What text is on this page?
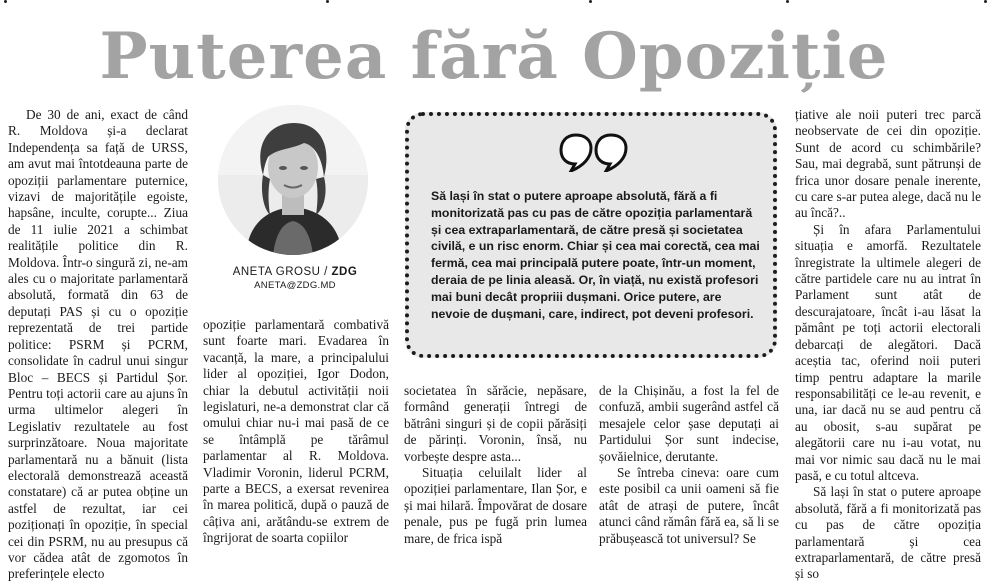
Puterea fără Opoziție

De 30 de ani, exact de când R. Moldova și-a declarat Independența sa față de URSS, am avut mai întotdeauna parte de opoziții parlamentare puternice, vizavi de majoritățile egoiste, hapsâne, inculte, corupte... Ziua de 11 iulie 2021 a schimbat realitățile politice din R. Moldova. Într-o singură zi, ne-am ales cu o majoritate parlamentară absolută, formată din 63 de deputați PAS și cu o opoziție reprezentată de trei partide politice: PSRM și PCRM, consolidate în cadrul unui singur Bloc – BECS și Partidul Șor. Pentru toți actorii care au ajuns în urma ultimelor alegeri în Legislativ rezultatele au fost surprinzătoare. Noua majoritate parlamentară nu a bănuit (lista electorală demonstrează această constatare) că ar putea obține un astfel de rezultat, iar cei poziționați în opoziție, în special cei din PSRM, nu au presupus că vor cădea atât de zgomotos în preferințele electo

ANETA GROSU / ZDG
ANETA@ZDG.MD

opoziție parlamentară combativă sunt foarte mari. Evadarea în vacanță, la mare, a principalului lider al opoziției, Igor Dodon, chiar la debutul activității noii legislaturi, ne-a demonstrat clar că omului chiar nu-i mai pasă de ce se întâmplă pe tărâmul parlamentar al R. Moldova. Vladimir Voronin, liderul PCRM, parte a BECS, a exersat revenirea în marea politică, după o pauză de câțiva ani, arătându-se extrem de îngrijorat de soarta copiilor

Să lași în stat o putere aproape absolută, fără a fi monitorizată pas cu pas de către opoziția parlamentară și cea extraparlamentară, de către presă și societatea civilă, e un risc enorm. Chiar și cea mai corectă, cea mai fermă, cea mai principală putere poate, într-un moment, deraia de pe linia aleasă. Or, în viață, nu există profesori mai buni decât propriii dușmani. Orice putere, are nevoie de dușmani, care, indirect, pot deveni profesori.

societatea în sărăcie, nepăsare, formând generații întregi de bătrâni singuri și de copii părăsiți de părinți. Voronin, însă, nu vorbește despre asta...

Situația celuilalt lider al opoziției parlamentare, Ilan Șor, e și mai hilară. Împovărat de dosare penale, pus pe fugă prin lumea mare, de frica ispă

de la Chișinău, a fost la fel de confuză, ambii sugerând astfel că mesajele celor șase deputați ai Partidului Șor sunt indecise, șovăielnice, derutante.

Se întreba cineva: oare cum este posibil ca unii oameni să fie atât de atrași de putere, încât atunci când rămân fără ea, să li se prăbușească tot universul? Se

țiative ale noii puteri trec parcă neobservate de cei din opoziție. Sunt de acord cu schimbările? Sau, mai degrabă, sunt pătrunși de frica unor dosare penale inerente, cu care s-ar putea alege, dacă nu le au încă?..

Și în afara Parlamentului situația e amorfă. Rezultatele înregistrate la ultimele alegeri de către partidele care nu au intrat în Parlament sunt atât de descurajatoare, încât i-au lăsat la pământ pe toți actorii electorali debarcați de alegători. Dacă aceștia tac, oferind noii puteri timp pentru adaptare la marile responsabilități ce le-au revenit, e una, iar dacă nu se aud pentru că au obosit, s-au supărat pe alegătorii care nu i-au votat, nu mai vor nimic sau dacă nu le mai pasă, e cu totul altceva.

Să lași în stat o putere aproape absolută, fără a fi monitorizată pas cu pas de către opoziția parlamentară și cea extraparlamentară, de către presă și so
